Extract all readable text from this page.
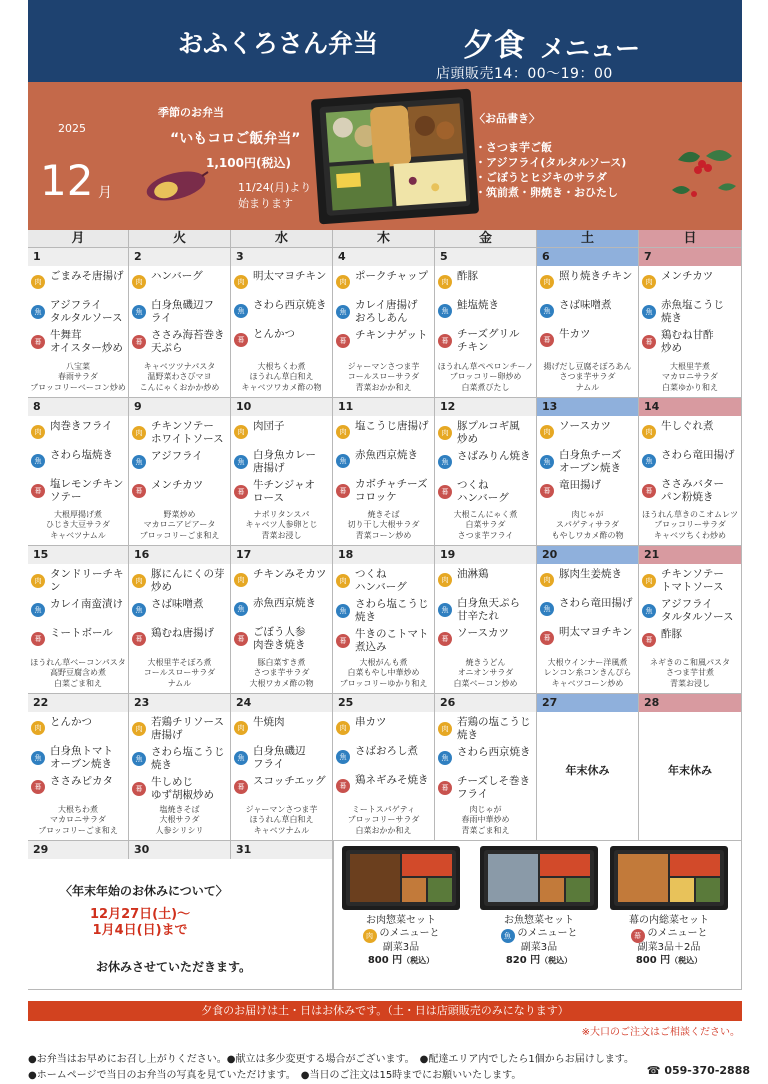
おふくろさん弁当	夕食 メニュー
店頭販売14：00～19：00
2025
12 月
季節のお弁当
“いもコロご飯弁当”
1,100円(税込)
11/24(月)より
始まります
〈お品書き〉
・さつま芋ご飯
・アジフライ(タルタルソース)
・ごぼうとヒジキのサラダ
・筑前煮・卵焼き・おひたし
月	火	水	木	金	土	日
1
肉 ごまみそ唐揚げ
魚
アジフライ
タルタルソース
幕
牛舞茸
オイスター炒め
八宝菜
春雨サラダ
ブロッコリーベーコン炒め
2
肉 ハンバーグ
魚
白身魚磯辺フ
ライ
幕
ささみ海苔巻き
天ぷら
キャベツツナパスタ
温野菜わさびマヨ
こんにゃくおかか炒め
3
肉 明太マヨチキン
魚 さわら西京焼き
幕 とんかつ
大根ちくわ煮
ほうれん草白和え
キャベツワカメ酢の物
4
肉 ポークチャップ
魚
カレイ唐揚げ
おろしあん
幕 チキンナゲット
ジャーマンさつま芋
コールスローサラダ
青菜おかか和え
5
肉 酢豚
魚 鮭塩焼き
幕
チーズグリル
チキン
ほうれん草ペペロンチーノ
ブロッコリー卵炒め
白菜煮びたし
6
肉 照り焼きチキン
魚 さば味噌煮
幕 牛カツ
揚げだし豆腐そぼろあん
さつま芋サラダ
ナムル
7
肉 メンチカツ
魚
赤魚塩こうじ
焼き
幕
鶏むね甘酢
炒め
大根里芋煮
マカロニサラダ
白菜ゆかり和え
8
肉 肉巻きフライ
魚 さわら塩焼き
幕
塩レモンチキン
ソテー
大根厚揚げ煮
ひじき大豆サラダ
キャベツナムル
9
肉
チキンソテー
ホワイトソース
魚 アジフライ
幕 メンチカツ
野菜炒め
マカロニアピアータ
ブロッコリーごま和え
10
肉 肉団子
魚
白身魚カレー
唐揚げ
幕
牛チンジャオ
ロース
ナポリタンスパ
キャベツ人参卵とじ
青菜お浸し
11
肉 塩こうじ唐揚げ
魚 赤魚西京焼き
幕
カボチャチーズ
コロッケ
焼きそば
切り干し大根サラダ
青菜コーン炒め
12
肉
豚プルコギ風
炒め
魚 さばみりん焼き
幕
つくね
ハンバーグ
大根こんにゃく煮
白菜サラダ
さつま芋フライ
13
肉 ソースカツ
魚
白身魚チーズ
オーブン焼き
幕 竜田揚げ
肉じゃが
スパゲティサラダ
もやしワカメ酢の物
14
肉 牛しぐれ煮
魚 さわら竜田揚げ
幕
ささみバター
パン粉焼き
ほうれん草きのこオムレツ
ブロッコリーサラダ
キャベツちくわ炒め
15
肉
タンドリーチキン
魚 カレイ南蛮漬け
幕 ミートボール
ほうれん草ベーコンパスタ
高野豆腐含め煮
白菜ごま和え
16
肉
豚にんにくの芽
炒め
魚 さば味噌煮
幕 鶏むね唐揚げ
大根里芋そぼろ煮
コールスローサラダ
ナムル
17
肉 チキンみそカツ
魚 赤魚西京焼き
幕
ごぼう人参
肉巻き焼き
豚白菜すき煮
さつま芋サラダ
大根ワカメ酢の物
18
肉
つくね
ハンバーグ
魚
さわら塩こうじ
焼き
幕
牛きのこトマト
煮込み
大根がんも煮
白菜もやし中華炒め
ブロッコリーゆかり和え
19
肉 油淋鶏
魚
白身魚天ぷら
甘辛たれ
幕 ソースカツ
焼きうどん
オニオンサラダ
白菜ベーコン炒め
20
肉 豚肉生姜焼き
魚 さわら竜田揚げ
幕 明太マヨチキン
大根ウインナー洋風煮
レンコン糸コンきんぴら
キャベツコーン炒め
21
肉
チキンソテー
トマトソース
魚
アジフライ
タルタルソース
幕 酢豚
ネギきのこ和風パスタ
さつま芋甘煮
青菜お浸し
22
肉 とんかつ
魚
白身魚トマト
オーブン焼き
幕 ささみピカタ
大根ちわ煮
マカロニサラダ
ブロッコリーごま和え
23
肉
若鶏チリソース
唐揚げ
魚
さわら塩こうじ
焼き
幕
牛しめじ
ゆず胡椒炒め
塩焼きそば
大根サラダ
人参シリシリ
24
肉 牛焼肉
魚
白身魚磯辺
フライ
幕 スコッチエッグ
ジャーマンさつま芋
ほうれん草白和え
キャベツナムル
25
肉 串カツ
魚 さばおろし煮
幕 鶏ネギみそ焼き
ミートスパゲティ
ブロッコリーサラダ
白菜おかか和え
26
肉
若鶏の塩こうじ
焼き
魚 さわら西京焼き
幕
チーズしそ巻き
フライ
肉じゃが
春雨中華炒め
青菜ごま和え
27
年末休み
28
年末休み
29	30	31
〈年末年始のお休みについて〉
12月27日(土)～
1月4日(日)まで
お休みさせていただきます。
お肉惣菜セット
肉 のメニューと
副菜3品
800 円（税込）
お魚惣菜セット
魚 のメニューと
副菜3品
820 円（税込）
幕の内総菜セット
幕 のメニューと
副菜3品＋2品
800 円（税込）
夕食のお届けは土・日はお休みです。（土・日は店頭販売のみになります）
※大口のご注文はご相談ください。
●お弁当はお早めにお召し上がりください。●献立は多少変更する場合がございます。　●配達エリア内でしたら1個からお届けします。
●ホームページで当日のお弁当の写真を見ていただけます。　●当日のご注文は15時までにお願いいたします。	☎ 059-370-2888
